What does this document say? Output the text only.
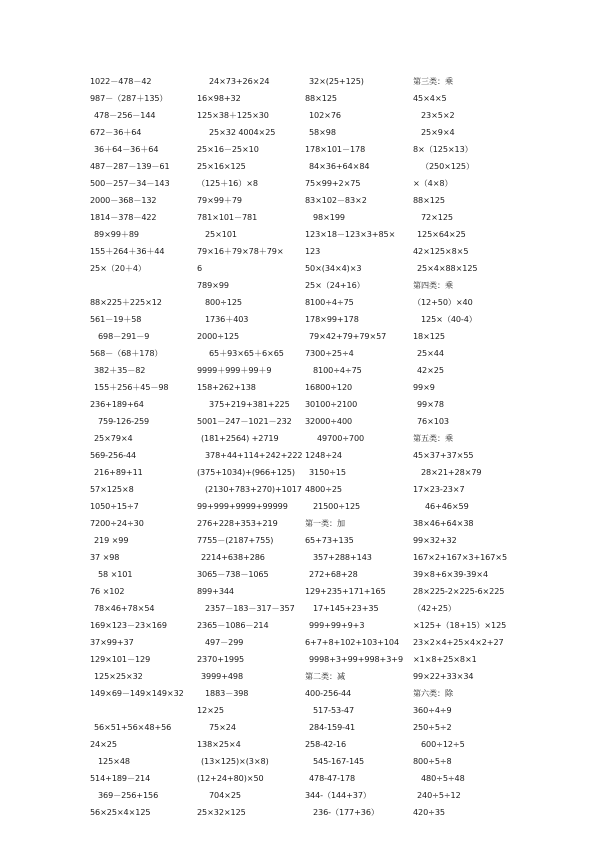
1022－478－42
987－（287＋135）
478－256－144
672－36＋64
36＋64－36＋64
487－287－139－61
500－257－34－143
2000－368－132
1814－378－422
89×99＋89
155＋264＋36＋44
25×（20＋4）
88×225＋225×12
561－19＋58
698－291－9
568－（68＋178）
382＋35－82
155＋256＋45－98
236+189+64
759-126-259
25×79×4
569-256-44
216+89+11
57×125×8
1050÷15÷7
7200÷24÷30
219 ×99
37 ×98
58 ×101
76 ×102
78×46+78×54
169×123－23×169
37×99+37
129×101－129
125×25×32
149×69－149×149×32
56×51+56×48+56
24×25
125×48
514+189－214
369－256+156
56×25×4×125
24×73+26×24
16×98+32
125×38＋125×30
25×32 4004×25
25×16－25×10
25×16×125
（125＋16）×8
79×99＋79
781×101－781
25×101
79×16＋79×78＋79×
6
789×99
800÷125
1736＋403
2000÷125
65＋93×65＋6×65
9999＋999＋99＋9
158+262+138
375+219+381+225
5001－247－1021－232
(181+2564) +2719
378+44+114+242+222
(375+1034)+(966+125)
(2130+783+270)+1017
99+999+9999+99999
276+228+353+219
7755－(2187+755)
2214+638+286
3065－738－1065
899+344
2357－183－317－357
2365－1086－214
497－299
2370+1995
3999+498
1883－398
12×25
75×24
138×25×4
(13×125)×(3×8)
(12+24+80)×50
704×25
25×32×125
32×(25+125)
88×125
102×76
58×98
178×101－178
84×36+64×84
75×99+2×75
83×102－83×2
98×199
123×18－123×3+85×
123
50×(34×4)×3
25×（24+16）
8100÷4÷75
178×99+178
79×42+79+79×57
7300÷25÷4
8100÷4÷75
16800÷120
30100÷2100
32000÷400
49700÷700
1248÷24
3150÷15
4800÷25
21500÷125
第一类：加
65+73+135
357+288+143
272+68+28
129+235+171+165
17+145+23+35
999+99+9+3
6+7+8+102+103+104
9998+3+99+998+3+9
第二类：减
400-256-44
517-53-47
284-159-41
258-42-16
545-167-145
478-47-178
344-（144+37）
236-（177+36）
第三类：乘
45×4×5
23×5×2
25×9×4
8×（125×13）
（250×125）
×（4×8）
88×125
72×125
125×64×25
42×125×8×5
25×4×88×125
第四类：乘
（12+50）×40
125×（40-4）
18×125
25×44
42×25
99×9
99×78
76×103
第五类：乘
45×37+37×55
28×21+28×79
17×23-23×7
46+46×59
38×46+64×38
99×32+32
167×2+167×3+167×5
39×8+6×39-39×4
28×225-2×225-6×225
（42+25）
×125+（18+15）×125
23×2×4+25×4×2+27
×1×8+25×8×1
99×22+33×34
第六类：除
360÷4÷9
250÷5÷2
600÷12÷5
800÷5÷8
480÷5÷48
240÷5÷12
420÷35
